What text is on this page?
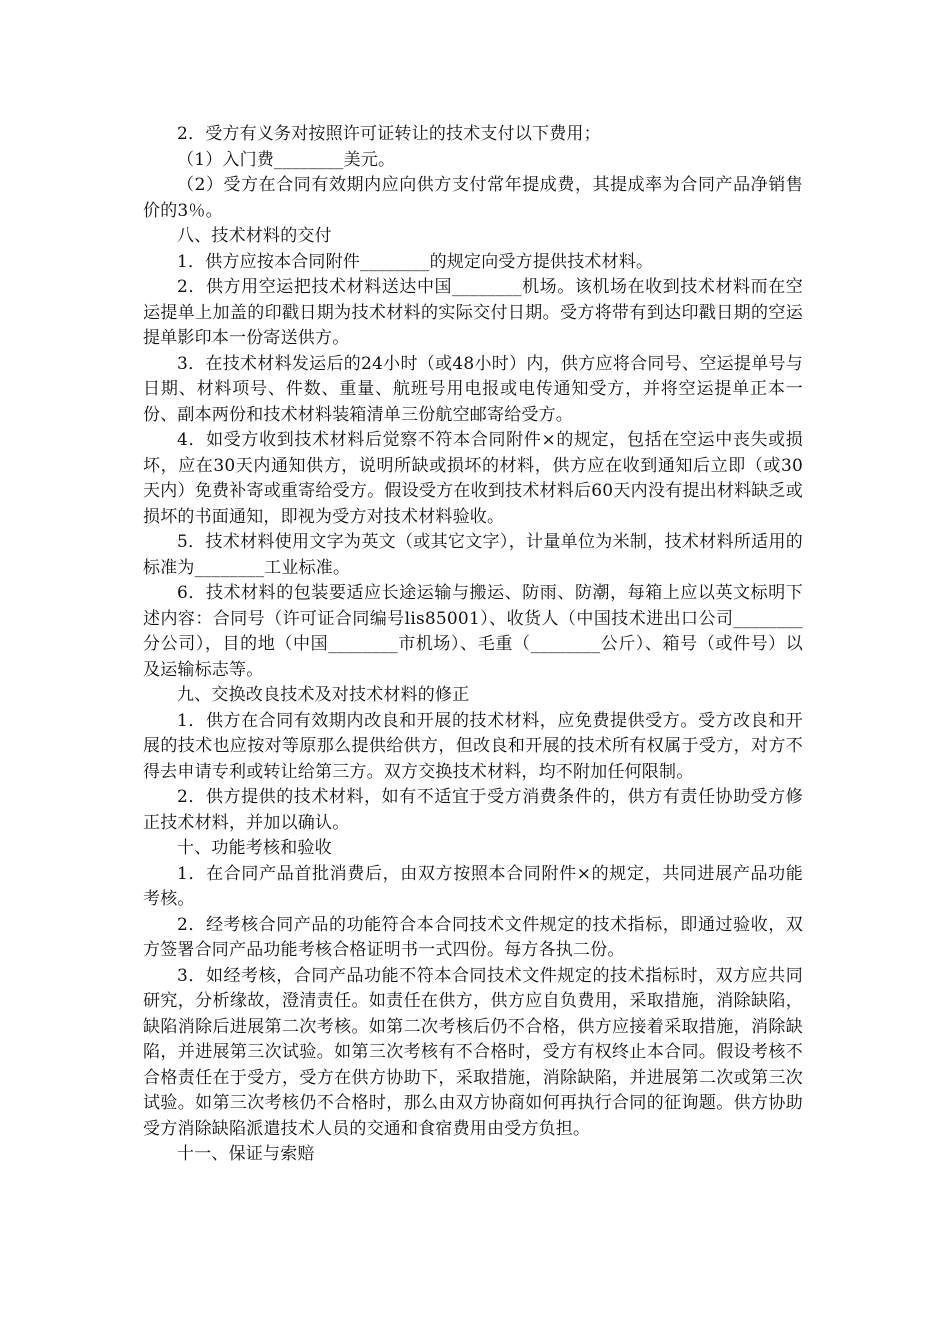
2．受方有义务对按照许可证转让的技术支付以下费用；

（1）入门费________美元。

（2）受方在合同有效期内应向供方支付常年提成费，其提成率为合同产品净销售价的3％。

八、技术材料的交付

1．供方应按本合同附件________的规定向受方提供技术材料。

2．供方用空运把技术材料送达中国________机场。该机场在收到技术材料而在空运提单上加盖的印戳日期为技术材料的实际交付日期。受方将带有到达印戳日期的空运提单影印本一份寄送供方。

3．在技术材料发运后的24小时（或48小时）内，供方应将合同号、空运提单号与日期、材料项号、件数、重量、航班号用电报或电传通知受方，并将空运提单正本一份、副本两份和技术材料装箱清单三份航空邮寄给受方。

4．如受方收到技术材料后觉察不符本合同附件×的规定，包括在空运中丧失或损坏，应在30天内通知供方，说明所缺或损坏的材料，供方应在收到通知后立即（或30天内）免费补寄或重寄给受方。假设受方在收到技术材料后60天内没有提出材料缺乏或损坏的书面通知，即视为受方对技术材料验收。

5．技术材料使用文字为英文（或其它文字），计量单位为米制，技术材料所适用的标准为________工业标准。

6．技术材料的包装要适应长途运输与搬运、防雨、防潮，每箱上应以英文标明下述内容：合同号（许可证合同编号lis85001）、收货人（中国技术进出口公司________分公司），目的地（中国________市机场）、毛重（________公斤）、箱号（或件号）以及运输标志等。

九、交换改良技术及对技术材料的修正

1．供方在合同有效期内改良和开展的技术材料，应免费提供受方。受方改良和开展的技术也应按对等原那么提供给供方，但改良和开展的技术所有权属于受方，对方不得去申请专利或转让给第三方。双方交换技术材料，均不附加任何限制。

2．供方提供的技术材料，如有不适宜于受方消费条件的，供方有责任协助受方修正技术材料，并加以确认。

十、功能考核和验收

1．在合同产品首批消费后，由双方按照本合同附件×的规定，共同进展产品功能考核。

2．经考核合同产品的功能符合本合同技术文件规定的技术指标，即通过验收，双方签署合同产品功能考核合格证明书一式四份。每方各执二份。

3．如经考核，合同产品功能不符本合同技术文件规定的技术指标时，双方应共同研究，分析缘故，澄清责任。如责任在供方，供方应自负费用，采取措施，消除缺陷，缺陷消除后进展第二次考核。如第二次考核后仍不合格，供方应接着采取措施，消除缺陷，并进展第三次试验。如第三次考核有不合格时，受方有权终止本合同。假设考核不合格责任在于受方，受方在供方协助下，采取措施，消除缺陷，并进展第二次或第三次试验。如第三次考核仍不合格时，那么由双方协商如何再执行合同的征询题。供方协助受方消除缺陷派遣技术人员的交通和食宿费用由受方负担。

十一、保证与索赔
